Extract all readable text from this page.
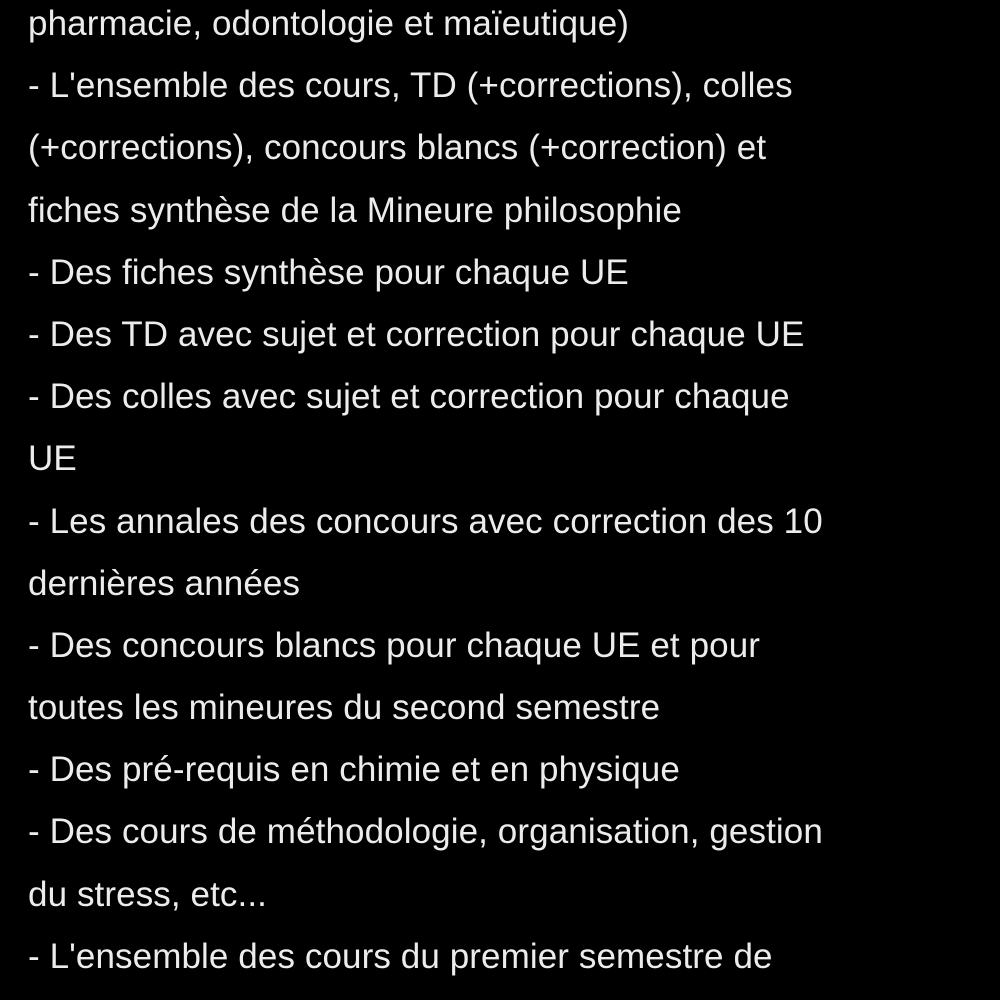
pharmacie, odontologie et maïeutique)
- L'ensemble des cours, TD (+corrections), colles
(+corrections), concours blancs (+correction) et
fiches synthèse de la Mineure philosophie
- Des fiches synthèse pour chaque UE
- Des TD avec sujet et correction pour chaque UE
- Des colles avec sujet et correction pour chaque
UE
- Les annales des concours avec correction des 10
dernières années
- Des concours blancs pour chaque UE et pour
toutes les mineures du second semestre
- Des pré-requis en chimie et en physique
- Des cours de méthodologie, organisation, gestion
du stress, etc...
- L'ensemble des cours du premier semestre de
